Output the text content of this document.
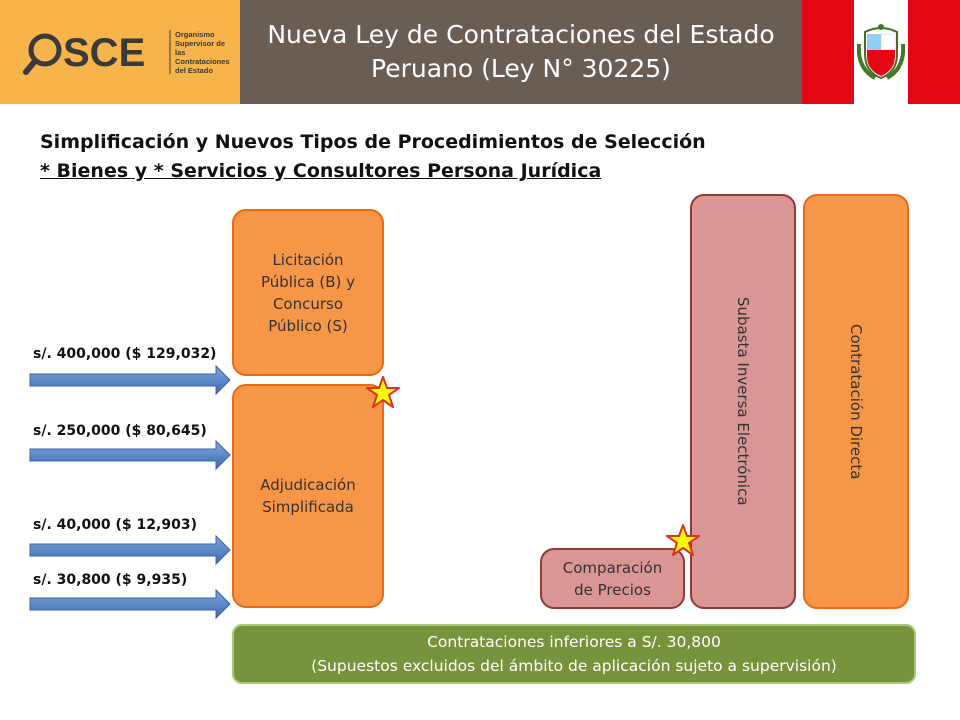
SCE	Organismo Supervisor de las Contrataciones del Estado
Nueva Ley de Contrataciones del Estado
Peruano (Ley N° 30225)
Simplificación y Nuevos Tipos de Procedimientos de Selección
* Bienes y * Servicios y Consultores Persona Jurídica
s/. 400,000 ($ 129,032)
s/. 250,000 ($ 80,645)
s/. 40,000 ($ 12,903)
s/. 30,800 ($ 9,935)
Licitación Pública (B) y Concurso Público (S)
Adjudicación Simplificada
Comparación de Precios
Subasta Inversa Electrónica	Contratación Directa
Contrataciones inferiores a S/. 30,800
(Supuestos excluidos del ámbito de aplicación sujeto a supervisión)
